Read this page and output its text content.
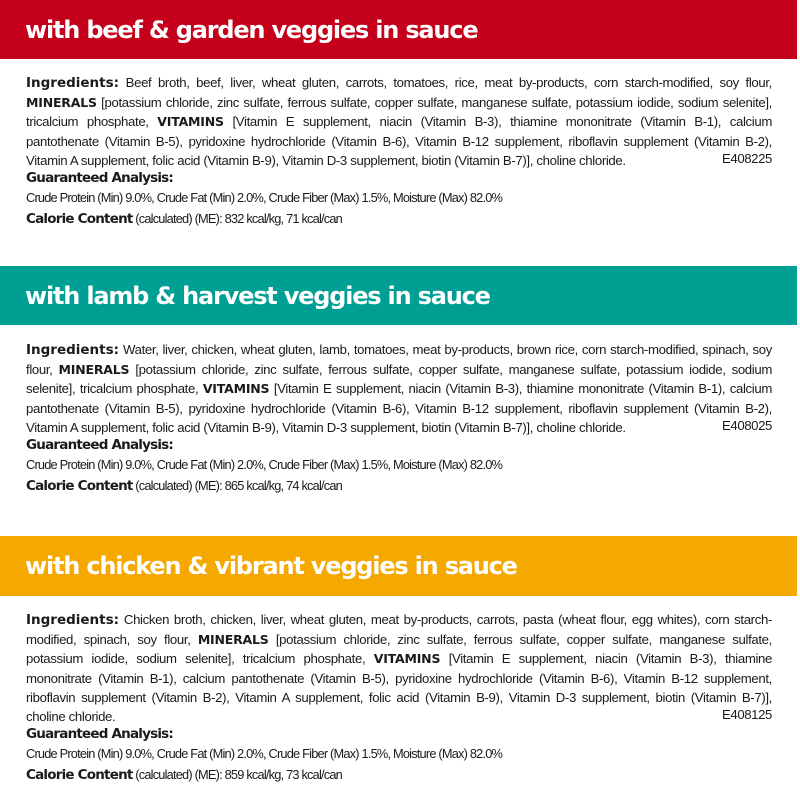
with beef & garden veggies in sauce
Ingredients: Beef broth, beef, liver, wheat gluten, carrots, tomatoes, rice, meat by-products, corn starch-modified, soy flour, MINERALS [potassium chloride, zinc sulfate, ferrous sulfate, copper sulfate, manganese sulfate, potassium iodide, sodium selenite], tricalcium phosphate, VITAMINS [Vitamin E supplement, niacin (Vitamin B-3), thiamine mononitrate (Vitamin B-1), calcium pantothenate (Vitamin B-5), pyridoxine hydrochloride (Vitamin B-6), Vitamin B-12 supplement, riboflavin supplement (Vitamin B-2), Vitamin A supplement, folic acid (Vitamin B-9), Vitamin D-3 supplement, biotin (Vitamin B-7)], choline chloride.	E408225
Guaranteed Analysis:
Crude Protein (Min) 9.0%, Crude Fat (Min) 2.0%, Crude Fiber (Max) 1.5%, Moisture (Max) 82.0%
Calorie Content (calculated) (ME): 832 kcal/kg, 71 kcal/can
with lamb & harvest veggies in sauce
Ingredients: Water, liver, chicken, wheat gluten, lamb, tomatoes, meat by-products, brown rice, corn starch-modified, spinach, soy flour, MINERALS [potassium chloride, zinc sulfate, ferrous sulfate, copper sulfate, manganese sulfate, potassium iodide, sodium selenite], tricalcium phosphate, VITAMINS [Vitamin E supplement, niacin (Vitamin B-3), thiamine mononitrate (Vitamin B-1), calcium pantothenate (Vitamin B-5), pyridoxine hydrochloride (Vitamin B-6), Vitamin B-12 supplement, riboflavin supplement (Vitamin B-2), Vitamin A supplement, folic acid (Vitamin B-9), Vitamin D-3 supplement, biotin (Vitamin B-7)], choline chloride.	E408025
Guaranteed Analysis:
Crude Protein (Min) 9.0%, Crude Fat (Min) 2.0%, Crude Fiber (Max) 1.5%, Moisture (Max) 82.0%
Calorie Content (calculated) (ME): 865 kcal/kg, 74 kcal/can
with chicken & vibrant veggies in sauce
Ingredients: Chicken broth, chicken, liver, wheat gluten, meat by-products, carrots, pasta (wheat flour, egg whites), corn starch-modified, spinach, soy flour, MINERALS [potassium chloride, zinc sulfate, ferrous sulfate, copper sulfate, manganese sulfate, potassium iodide, sodium selenite], tricalcium phosphate, VITAMINS [Vitamin E supplement, niacin (Vitamin B-3), thiamine mononitrate (Vitamin B-1), calcium pantothenate (Vitamin B-5), pyridoxine hydrochloride (Vitamin B-6), Vitamin B-12 supplement, riboflavin supplement (Vitamin B-2), Vitamin A supplement, folic acid (Vitamin B-9), Vitamin D-3 supplement, biotin (Vitamin B-7)], choline chloride.	E408125
Guaranteed Analysis:
Crude Protein (Min) 9.0%, Crude Fat (Min) 2.0%, Crude Fiber (Max) 1.5%, Moisture (Max) 82.0%
Calorie Content (calculated) (ME): 859 kcal/kg, 73 kcal/can
